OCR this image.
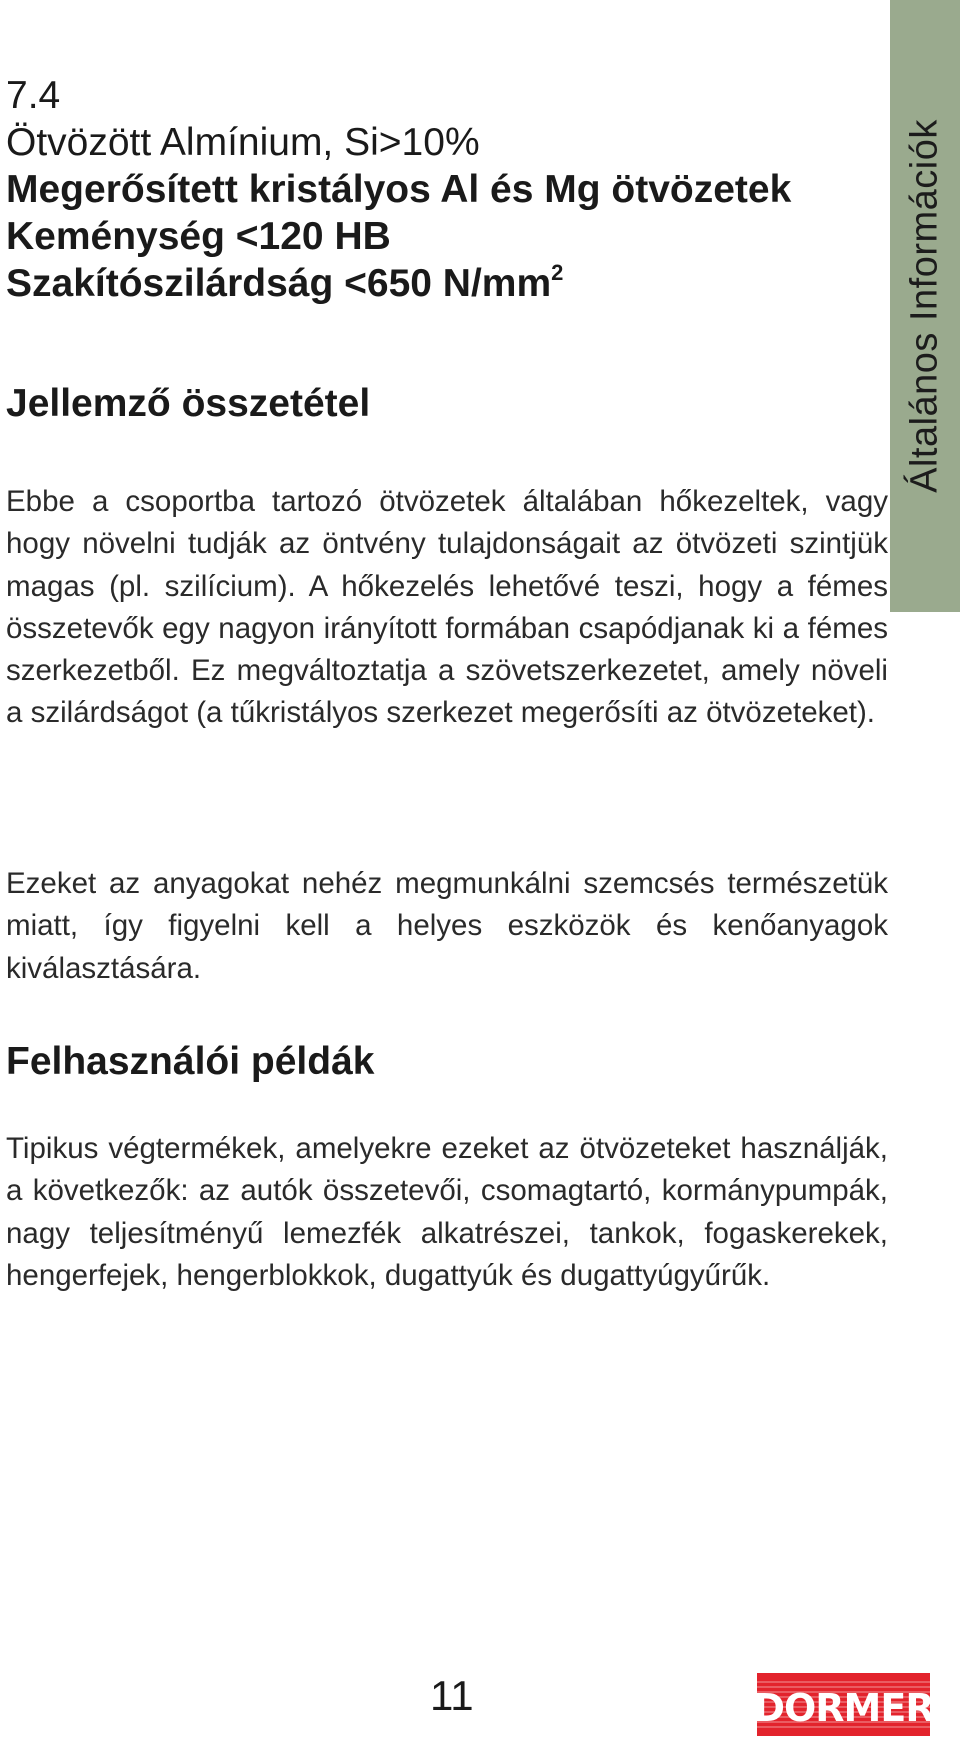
7.4
Ötvözött Almínium, Si>10%
Megerősített kristályos Al és Mg ötvözetek
Keménység <120 HB
Szakítószilárdság <650 $N/mm^2$
Jellemző összetétel
Ebbe a csoportba tartozó ötvözetek általában hőkezeltek, vagy hogy növelni tudják az öntvény tulajdonságait az ötvözeti szintjük magas (pl. szilícium). A hőkezelés lehetővé teszi, hogy a fémes összetevők egy nagyon irányított formában csapódjanak ki a fémes szerkezetből. Ez megváltoztatja a szövetszerkezetet, amely növeli a szilárdságot (a tűkristályos szerkezet megerősíti az ötvözeteket).
Ezeket az anyagokat nehéz megmunkálni szemcsés természetük miatt, így figyelni kell a helyes eszközök és kenőanyagok kiválasztására.
Felhasználói példák
Tipikus végtermékek, amelyekre ezeket az ötvözeteket használják, a következők: az autók összetevői, csomagtartó, kormánypumpák, nagy teljesítményű lemezfék alkatrészei, tankok, fogaskerekek, hengerfejek, hengerblokkok, dugattyúk és dugattyúgyűrűk.
Általános Információk
11	DORMER
